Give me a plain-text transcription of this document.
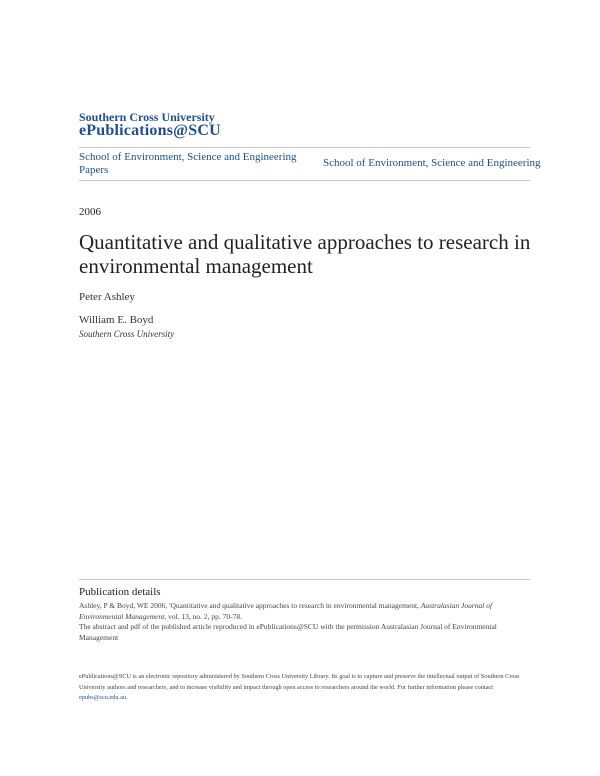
Southern Cross University
ePublications@SCU
School of Environment, Science and Engineering Papers
School of Environment, Science and Engineering
2006
Quantitative and qualitative approaches to research in environmental management
Peter Ashley
William E. Boyd
Southern Cross University
Publication details
Ashley, P & Boyd, WE 2006, 'Quantitative and qualitative approaches to research in environmental management, Australasian Journal of Environmental Management, vol. 13, no. 2, pp. 70-78.
The abstract and pdf of the published article reproduced in ePublications@SCU with the permission Australasian Journal of Environmental Management
ePublications@SCU is an electronic repository administered by Southern Cross University Library. Its goal is to capture and preserve the intellectual output of Southern Cross University authors and researchers, and to increase visibility and impact through open access to researchers around the world. For further information please contact epubs@scu.edu.au.
